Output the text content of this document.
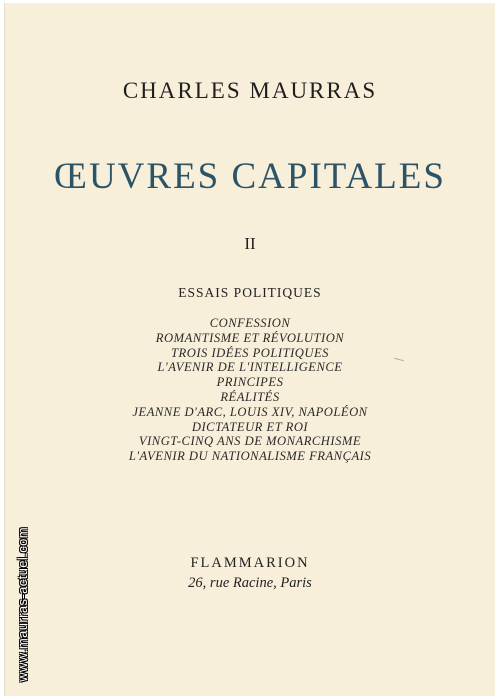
CHARLES MAURRAS
ŒUVRES CAPITALES
II
ESSAIS POLITIQUES
CONFESSION
ROMANTISME ET RÉVOLUTION
TROIS IDÉES POLITIQUES
L'AVENIR DE L'INTELLIGENCE
PRINCIPES
RÉALITÉS
JEANNE D'ARC, LOUIS XIV, NAPOLÉON
DICTATEUR ET ROI
VINGT-CINQ ANS DE MONARCHISME
L'AVENIR DU NATIONALISME FRANÇAIS
FLAMMARION
26, rue Racine, Paris
www.maurras-actuel.com
